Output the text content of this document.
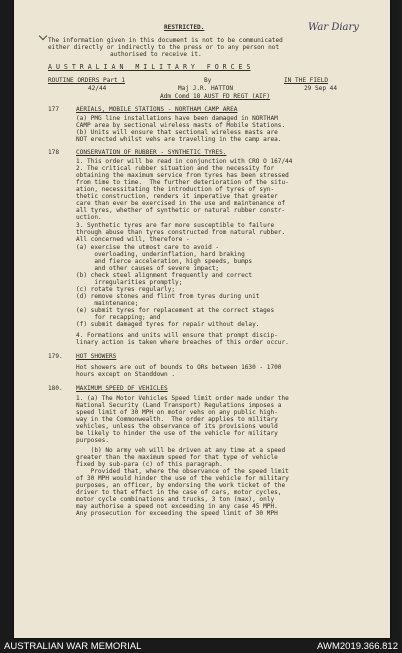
War Diary
RESTRICTED.
The information given in this document is not to be communicated
either directly or indirectly to the press or to any person not
authorised to receive it.
A U S T R A L I A N   M I L I T A R Y   F O R C E S
ROUTINE ORDERS Part 1	By	IN THE FIELD
42/44	Maj J.R. HATTON	29 Sep 44
Adm Comd 18 AUST FD REGT (AIF)
177	AERIALS, MOBILE STATIONS - NORTHAM CAMP AREA
(a) PMG line installations have been damaged in NORTHAM
CAMP area by sectional wireless masts of Mobile Stations.
(b) Units will ensure that sectional wireless masts are
NOT erected whilst vehs are travelling in the camp area.
178	CONSERVATION OF RUBBER - SYNTHETIC TYRES.
1. This order will be read in conjunction with CRO O 167/44
2. The critical rubber situation and the necessity for
obtaining the maximum service from tyres has been stressed
from time to time.  The further deterioration of the situ-
ation, necessitating the introduction of tyres of syn-
thetic construction, renders it imperative that greater
care than ever be exercised in the use and maintenance of
all tyres, whether of synthetic or natural rubber constr-
uction.
3. Synthetic tyres are far more susceptible to failure
through abuse than tyres constructed from natural rubber.
All concerned will, therefore -
(a) exercise the utmost care to avoid -
overloading, underinflation, hard braking
and fierce acceleration, high speeds, bumps
and other causes of severe impact;
(b) check steel alignment frequently and correct
irregularities promptly;
(c) rotate tyres regularly;
(d) remove stones and flint from tyres during unit
maintenance;
(e) submit tyres for replacement at the correct stages
for recapping; and
(f) submit damaged tyres for repair without delay.
4. Formations and units will ensure that prompt discip-
linary action is taken where breaches of this order occur.
179. HOT SHOWERS
Hot showers are out of bounds to ORs between 1630 - 1700
hours except on Standdown .
180. MAXIMUM SPEED OF VEHICLES
1. (a) The Motor Vehicles Speed limit order made under the
National Security (Land Transport) Regulations imposes a
speed limit of 30 MPH on motor vehs on any public high-
way in the Commonwealth.  The order applies to military
vehicles, unless the observance of its provisions would
be likely to hinder the use of the vehicle for military
purposes.
(b) No army veh will be driven at any time at a speed
greater than the maximum speed for that type of vehicle
fixed by sub-para (c) of this paragraph.
Provided that, where the observance of the speed limit
of 30 MPH would hinder the use of the vehicle for military
purposes, an officer, by endorsing the work ticket of the
driver to that effect in the case of cars, motor cycles,
motor cycle combinations and trucks, 3 ton (max), only
may authorise a speed not exceeding in any case 45 MPH.
Any prosecution for exceeding the speed limit of 30 MPH
AUSTRALIAN WAR MEMORIAL	AWM2019.366.812
